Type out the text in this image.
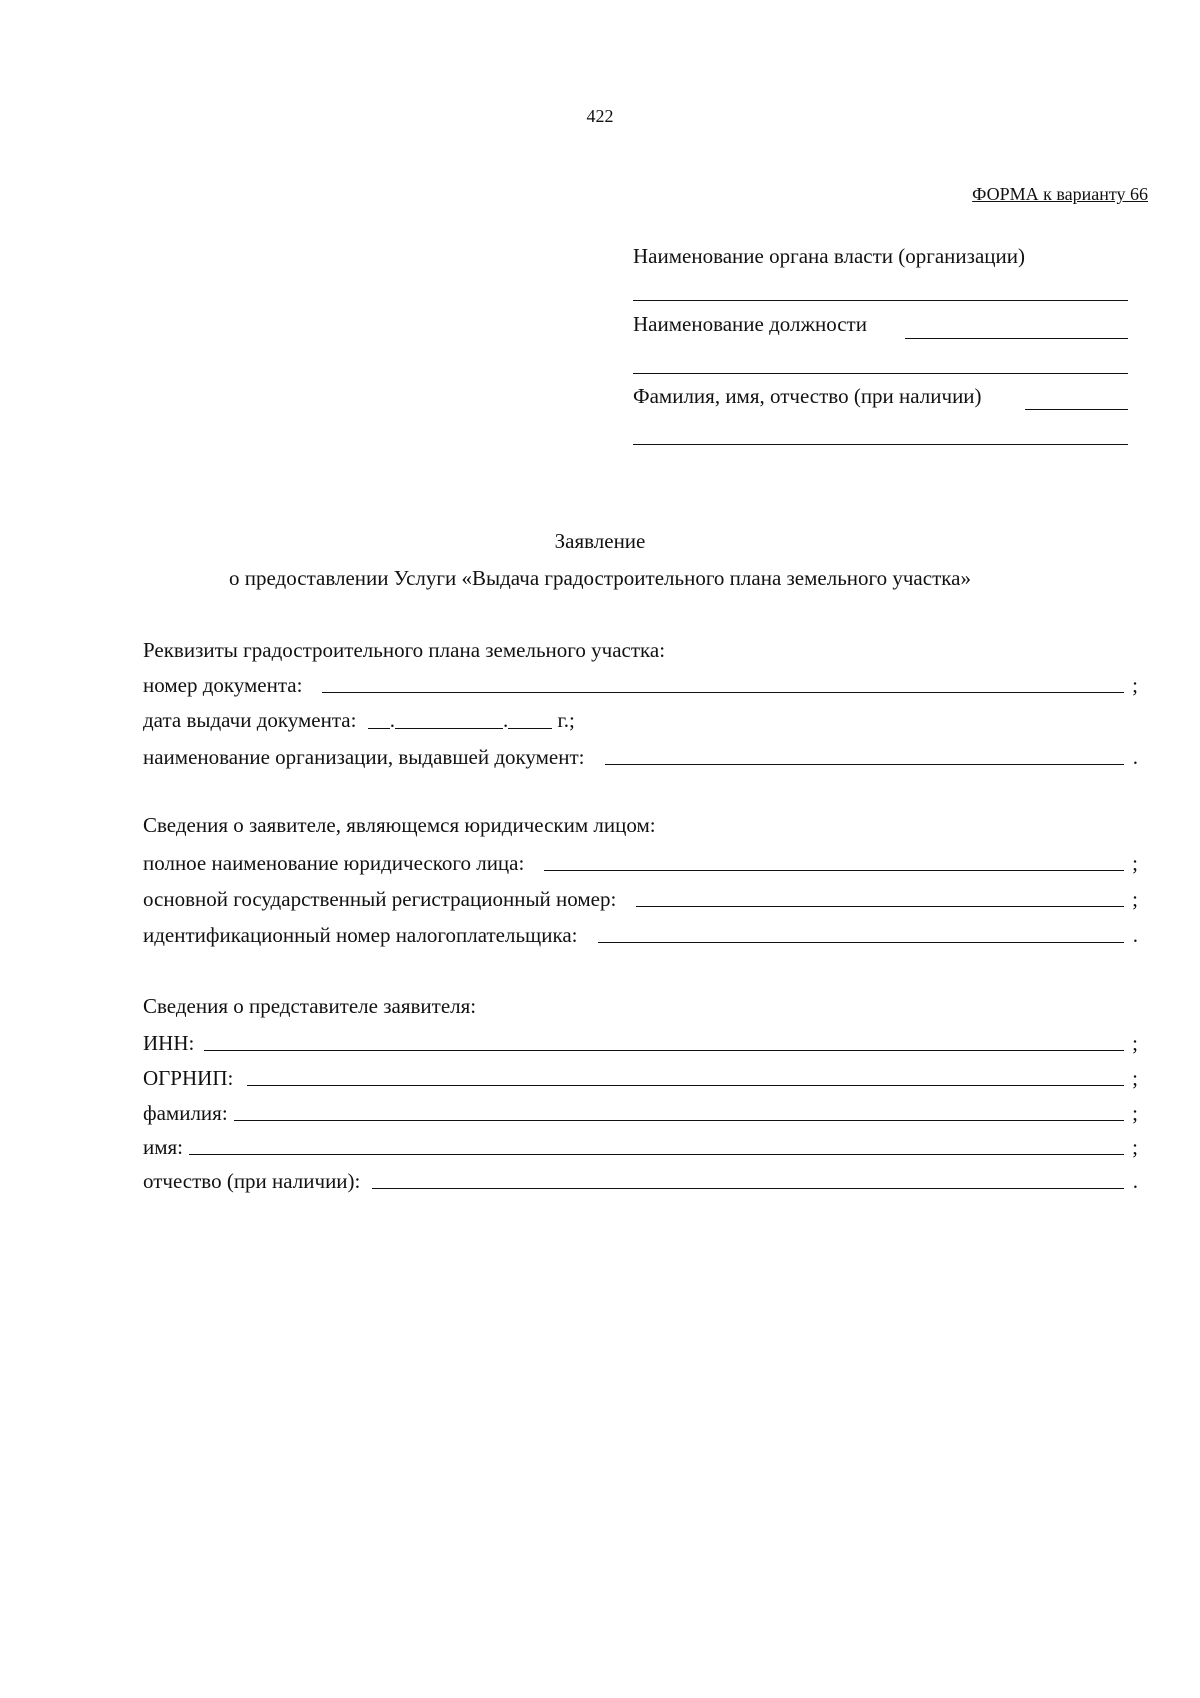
422
ФОРМА к варианту 66
Наименование органа власти (организации)
Наименование должности
Фамилия, имя, отчество (при наличии)
Заявление
о предоставлении Услуги «Выдача градостроительного плана земельного участка»
Реквизиты градостроительного плана земельного участка:
номер документа:	;
дата выдачи документа: .	. г.;
наименование организации, выдавшей документ:	.
Сведения о заявителе, являющемся юридическим лицом:
полное наименование юридического лица:	;
основной государственный регистрационный номер:	;
идентификационный номер налогоплательщика:	.
Сведения о представителе заявителя:
ИНН:	;
ОГРНИП:	;
фамилия:	;
имя:	;
отчество (при наличии):	.
